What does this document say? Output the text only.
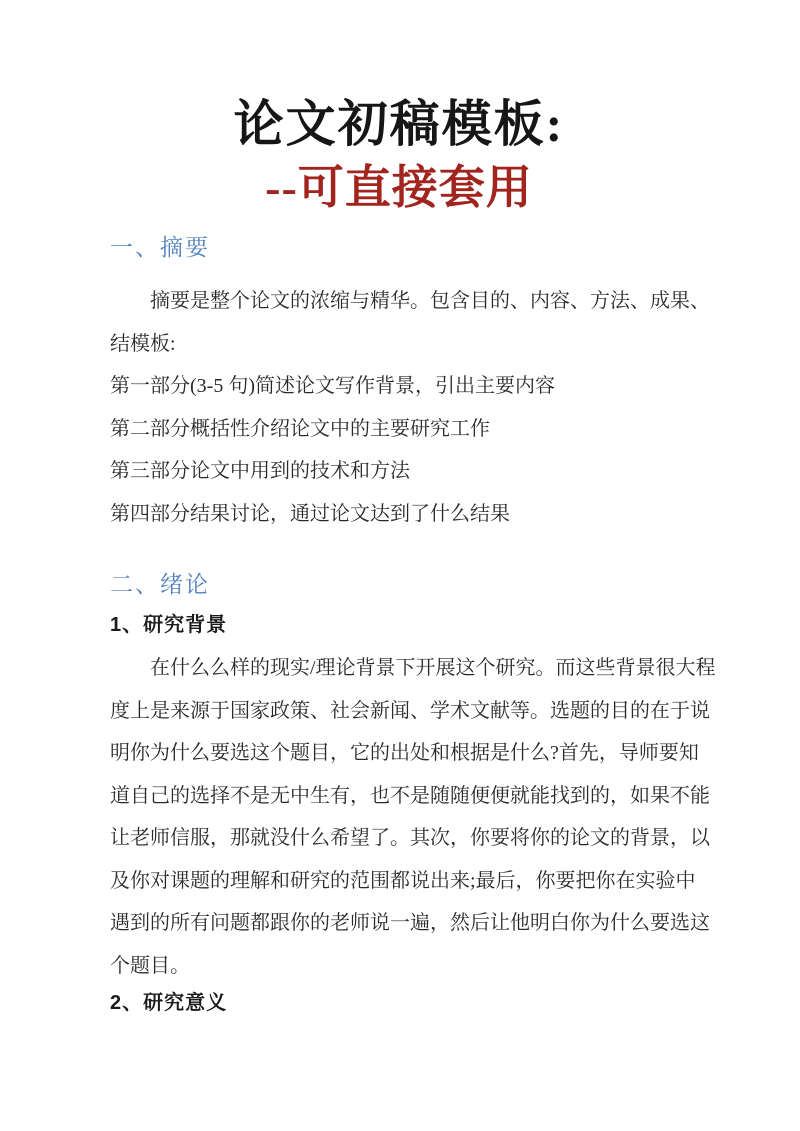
论文初稿模板:
--可直接套用
一、摘要
摘要是整个论文的浓缩与精华。包含目的、内容、方法、成果、
结模板:
第一部分(3-5 句)简述论文写作背景，引出主要内容
第二部分概括性介绍论文中的主要研究工作
第三部分论文中用到的技术和方法
第四部分结果讨论，通过论文达到了什么结果
二、绪论
1、研究背景
在什么么样的现实/理论背景下开展这个研究。而这些背景很大程
度上是来源于国家政策、社会新闻、学术文献等。选题的目的在于说
明你为什么要选这个题目，它的出处和根据是什么?首先，导师要知
道自己的选择不是无中生有，也不是随随便便就能找到的，如果不能
让老师信服，那就没什么希望了。其次，你要将你的论文的背景，以
及你对课题的理解和研究的范围都说出来;最后，你要把你在实验中
遇到的所有问题都跟你的老师说一遍，然后让他明白你为什么要选这
个题目。
2、研究意义
